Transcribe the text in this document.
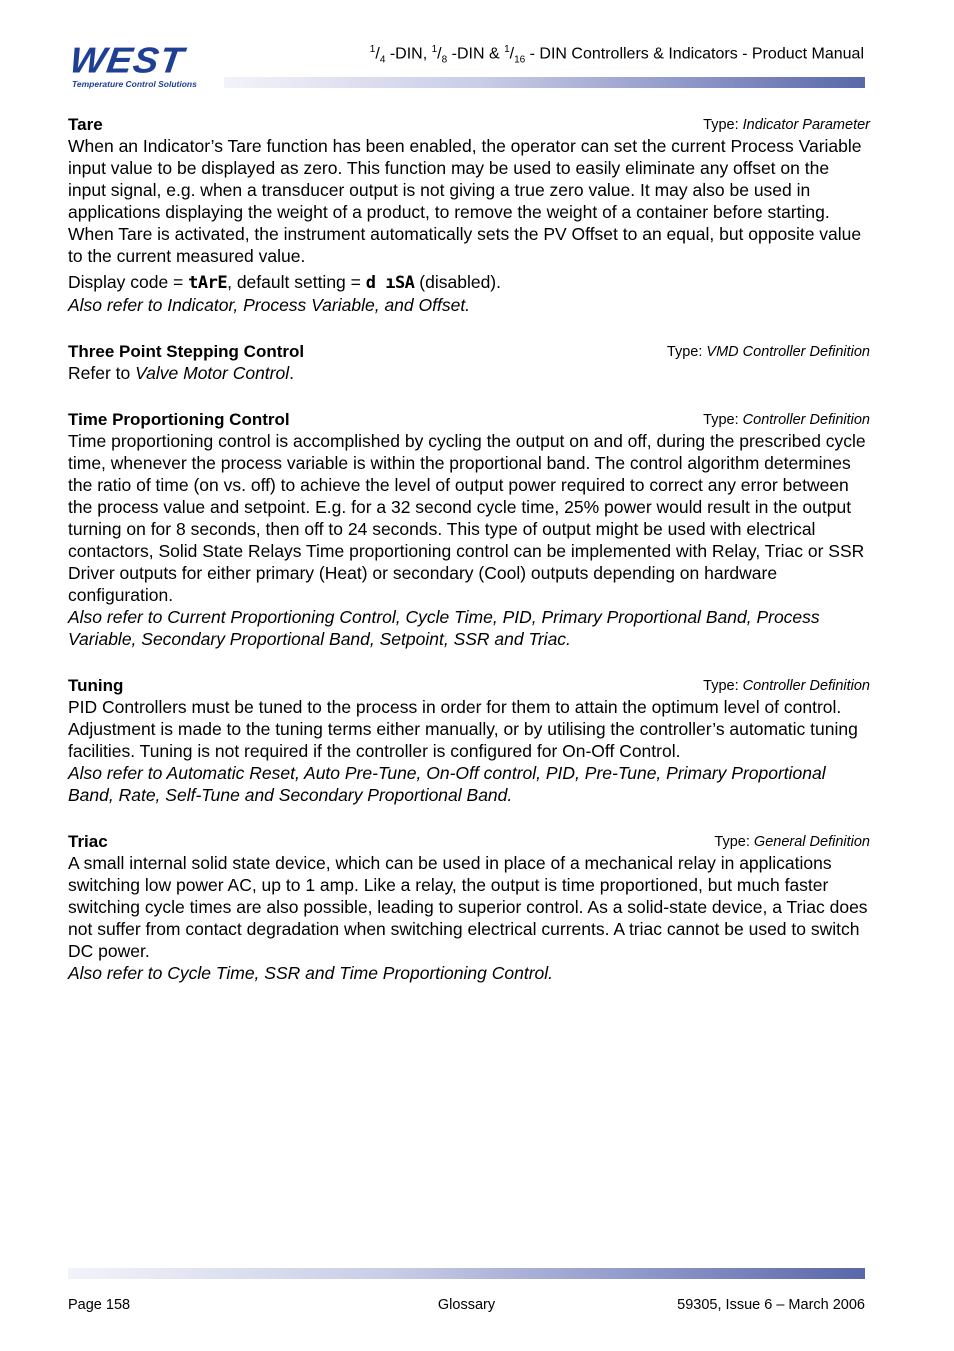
WEST
Temperature Control Solutions
$^1/_4$ -DIN, $^1/_8$ -DIN & $^1/_{16}$ - DIN Controllers & Indicators - Product Manual
Tare	Type: Indicator Parameter

When an Indicator’s Tare function has been enabled, the operator can set the current Process Variable input value to be displayed as zero. This function may be used to easily eliminate any offset on the input signal, e.g. when a transducer output is not giving a true zero value. It may also be used in applications displaying the weight of a product, to remove the weight of a container before starting. When Tare is activated, the instrument automatically sets the PV Offset to an equal, but opposite value to the current measured value.

Display code = tArE, default setting = d ıSA (disabled).

Also refer to Indicator, Process Variable, and Offset.

Three Point Stepping Control	Type: VMD Controller Definition

Refer to Valve Motor Control.

Time Proportioning Control	Type: Controller Definition

Time proportioning control is accomplished by cycling the output on and off, during the prescribed cycle time, whenever the process variable is within the proportional band. The control algorithm determines the ratio of time (on vs. off) to achieve the level of output power required to correct any error between the process value and setpoint. E.g. for a 32 second cycle time, 25% power would result in the output turning on for 8 seconds, then off to 24 seconds. This type of output might be used with electrical contactors, Solid State Relays Time proportioning control can be implemented with Relay, Triac or SSR Driver outputs for either primary (Heat) or secondary (Cool) outputs depending on hardware configuration.

Also refer to Current Proportioning Control, Cycle Time, PID, Primary Proportional Band, Process Variable, Secondary Proportional Band, Setpoint, SSR and Triac.

Tuning	Type: Controller Definition

PID Controllers must be tuned to the process in order for them to attain the optimum level of control. Adjustment is made to the tuning terms either manually, or by utilising the controller’s automatic tuning facilities. Tuning is not required if the controller is configured for On-Off Control.

Also refer to Automatic Reset, Auto Pre-Tune, On-Off control, PID, Pre-Tune, Primary Proportional Band, Rate, Self-Tune and Secondary Proportional Band.

Triac	Type: General Definition

A small internal solid state device, which can be used in place of a mechanical relay in applications switching low power AC, up to 1 amp. Like a relay, the output is time proportioned, but much faster switching cycle times are also possible, leading to superior control. As a solid-state device, a Triac does not suffer from contact degradation when switching electrical currents. A triac cannot be used to switch DC power.

Also refer to Cycle Time, SSR and Time Proportioning Control.

Page 158	Glossary	59305, Issue 6 – March 2006
